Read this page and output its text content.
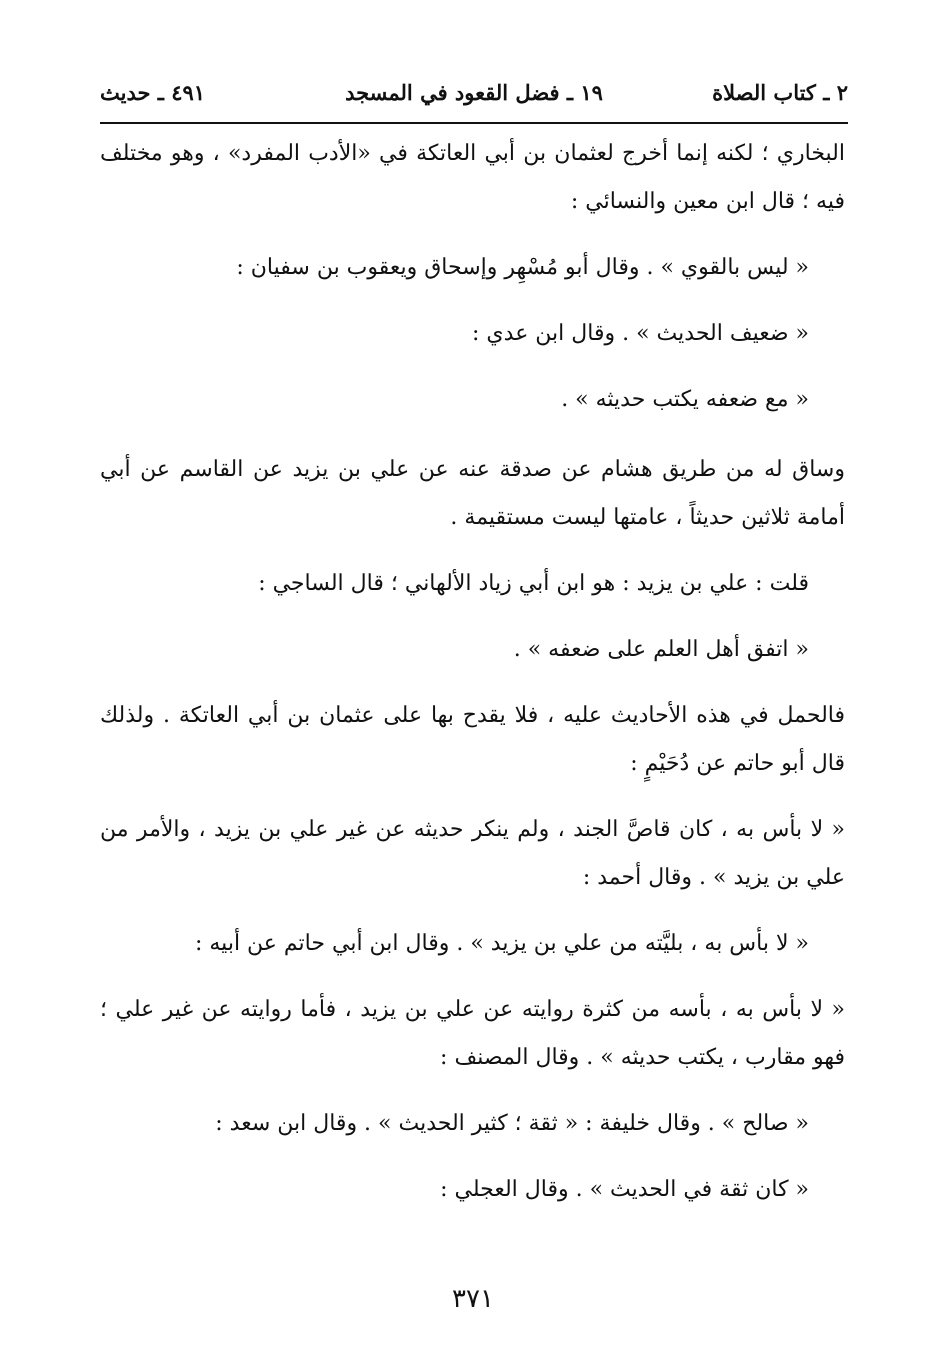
٢ ـ كتاب الصلاة
١٩ ـ فضل القعود في المسجد
٤٩١ ـ حديث

البخاري ؛ لكنه إنما أخرج لعثمان بن أبي العاتكة في «الأدب المفرد» ، وهو مختلف فيه ؛ قال ابن معين والنسائي :

« ليس بالقوي » . وقال أبو مُسْهِر وإسحاق ويعقوب بن سفيان :

« ضعيف الحديث » . وقال ابن عدي :

« مع ضعفه يكتب حديثه » .

وساق له من طريق هشام عن صدقة عنه عن علي بن يزيد عن القاسم عن أبي أمامة ثلاثين حديثاً ، عامتها ليست مستقيمة .

قلت : علي بن يزيد : هو ابن أبي زياد الألهاني ؛ قال الساجي :

« اتفق أهل العلم على ضعفه » .

فالحمل في هذه الأحاديث عليه ، فلا يقدح بها على عثمان بن أبي العاتكة . ولذلك قال أبو حاتم عن دُحَيْمٍ :

« لا بأس به ، كان قاصَّ الجند ، ولم ينكر حديثه عن غير علي بن يزيد ، والأمر من علي بن يزيد » . وقال أحمد :

« لا بأس به ، بليَّته من علي بن يزيد » . وقال ابن أبي حاتم عن أبيه :

« لا بأس به ، بأسه من كثرة روايته عن علي بن يزيد ، فأما روايته عن غير علي ؛ فهو مقارب ، يكتب حديثه » . وقال المصنف :

« صالح » . وقال خليفة : « ثقة ؛ كثير الحديث » . وقال ابن سعد :

« كان ثقة في الحديث » . وقال العجلي :

٣٧١
